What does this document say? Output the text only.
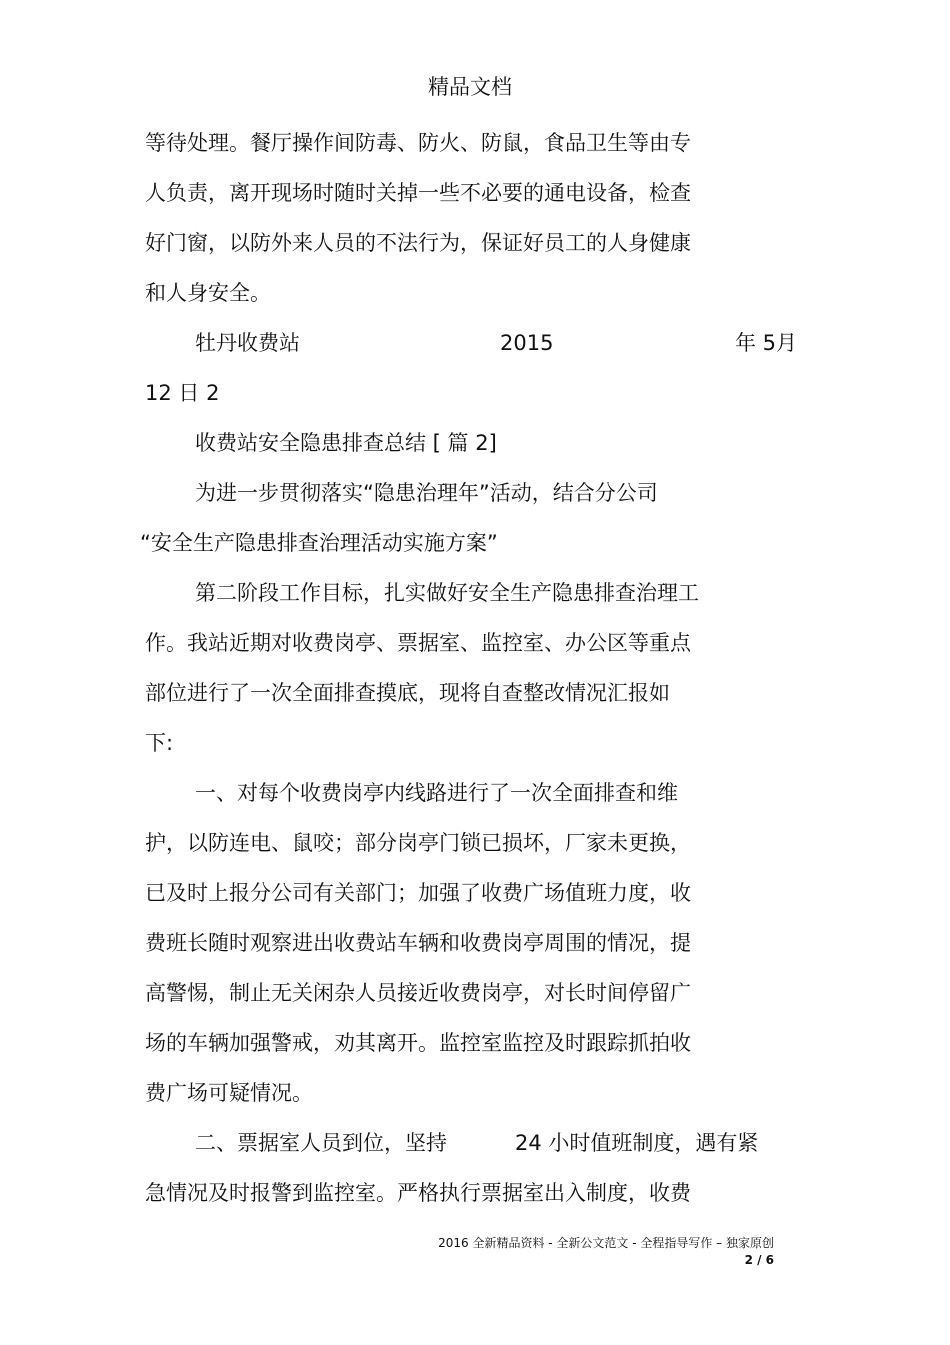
精品文档
等待处理。餐厅操作间防毒、防火、防鼠，食品卫生等由专
人负责，离开现场时随时关掉一些不必要的通电设备，检查
好门窗，以防外来人员的不法行为，保证好员工的人身健康
和人身安全。
牡丹收费站	2015	年 5月
12 日 2
收费站安全隐患排查总结 [ 篇 2]
为进一步贯彻落实“隐患治理年”活动，结合分公司
“安全生产隐患排查治理活动实施方案”
第二阶段工作目标，扎实做好安全生产隐患排查治理工
作。我站近期对收费岗亭、票据室、监控室、办公区等重点
部位进行了一次全面排查摸底，现将自查整改情况汇报如
下:
一、对每个收费岗亭内线路进行了一次全面排查和维
护，以防连电、鼠咬；部分岗亭门锁已损坏，厂家未更换，
已及时上报分公司有关部门；加强了收费广场值班力度，收
费班长随时观察进出收费站车辆和收费岗亭周围的情况，提
高警惕，制止无关闲杂人员接近收费岗亭，对长时间停留广
场的车辆加强警戒，劝其离开。监控室监控及时跟踪抓拍收
费广场可疑情况。
二、票据室人员到位，坚持	24 小时值班制度，遇有紧
急情况及时报警到监控室。严格执行票据室出入制度，收费
2016 全新精品资料 - 全新公文范文 - 全程指导写作 – 独家原创
2 / 6
